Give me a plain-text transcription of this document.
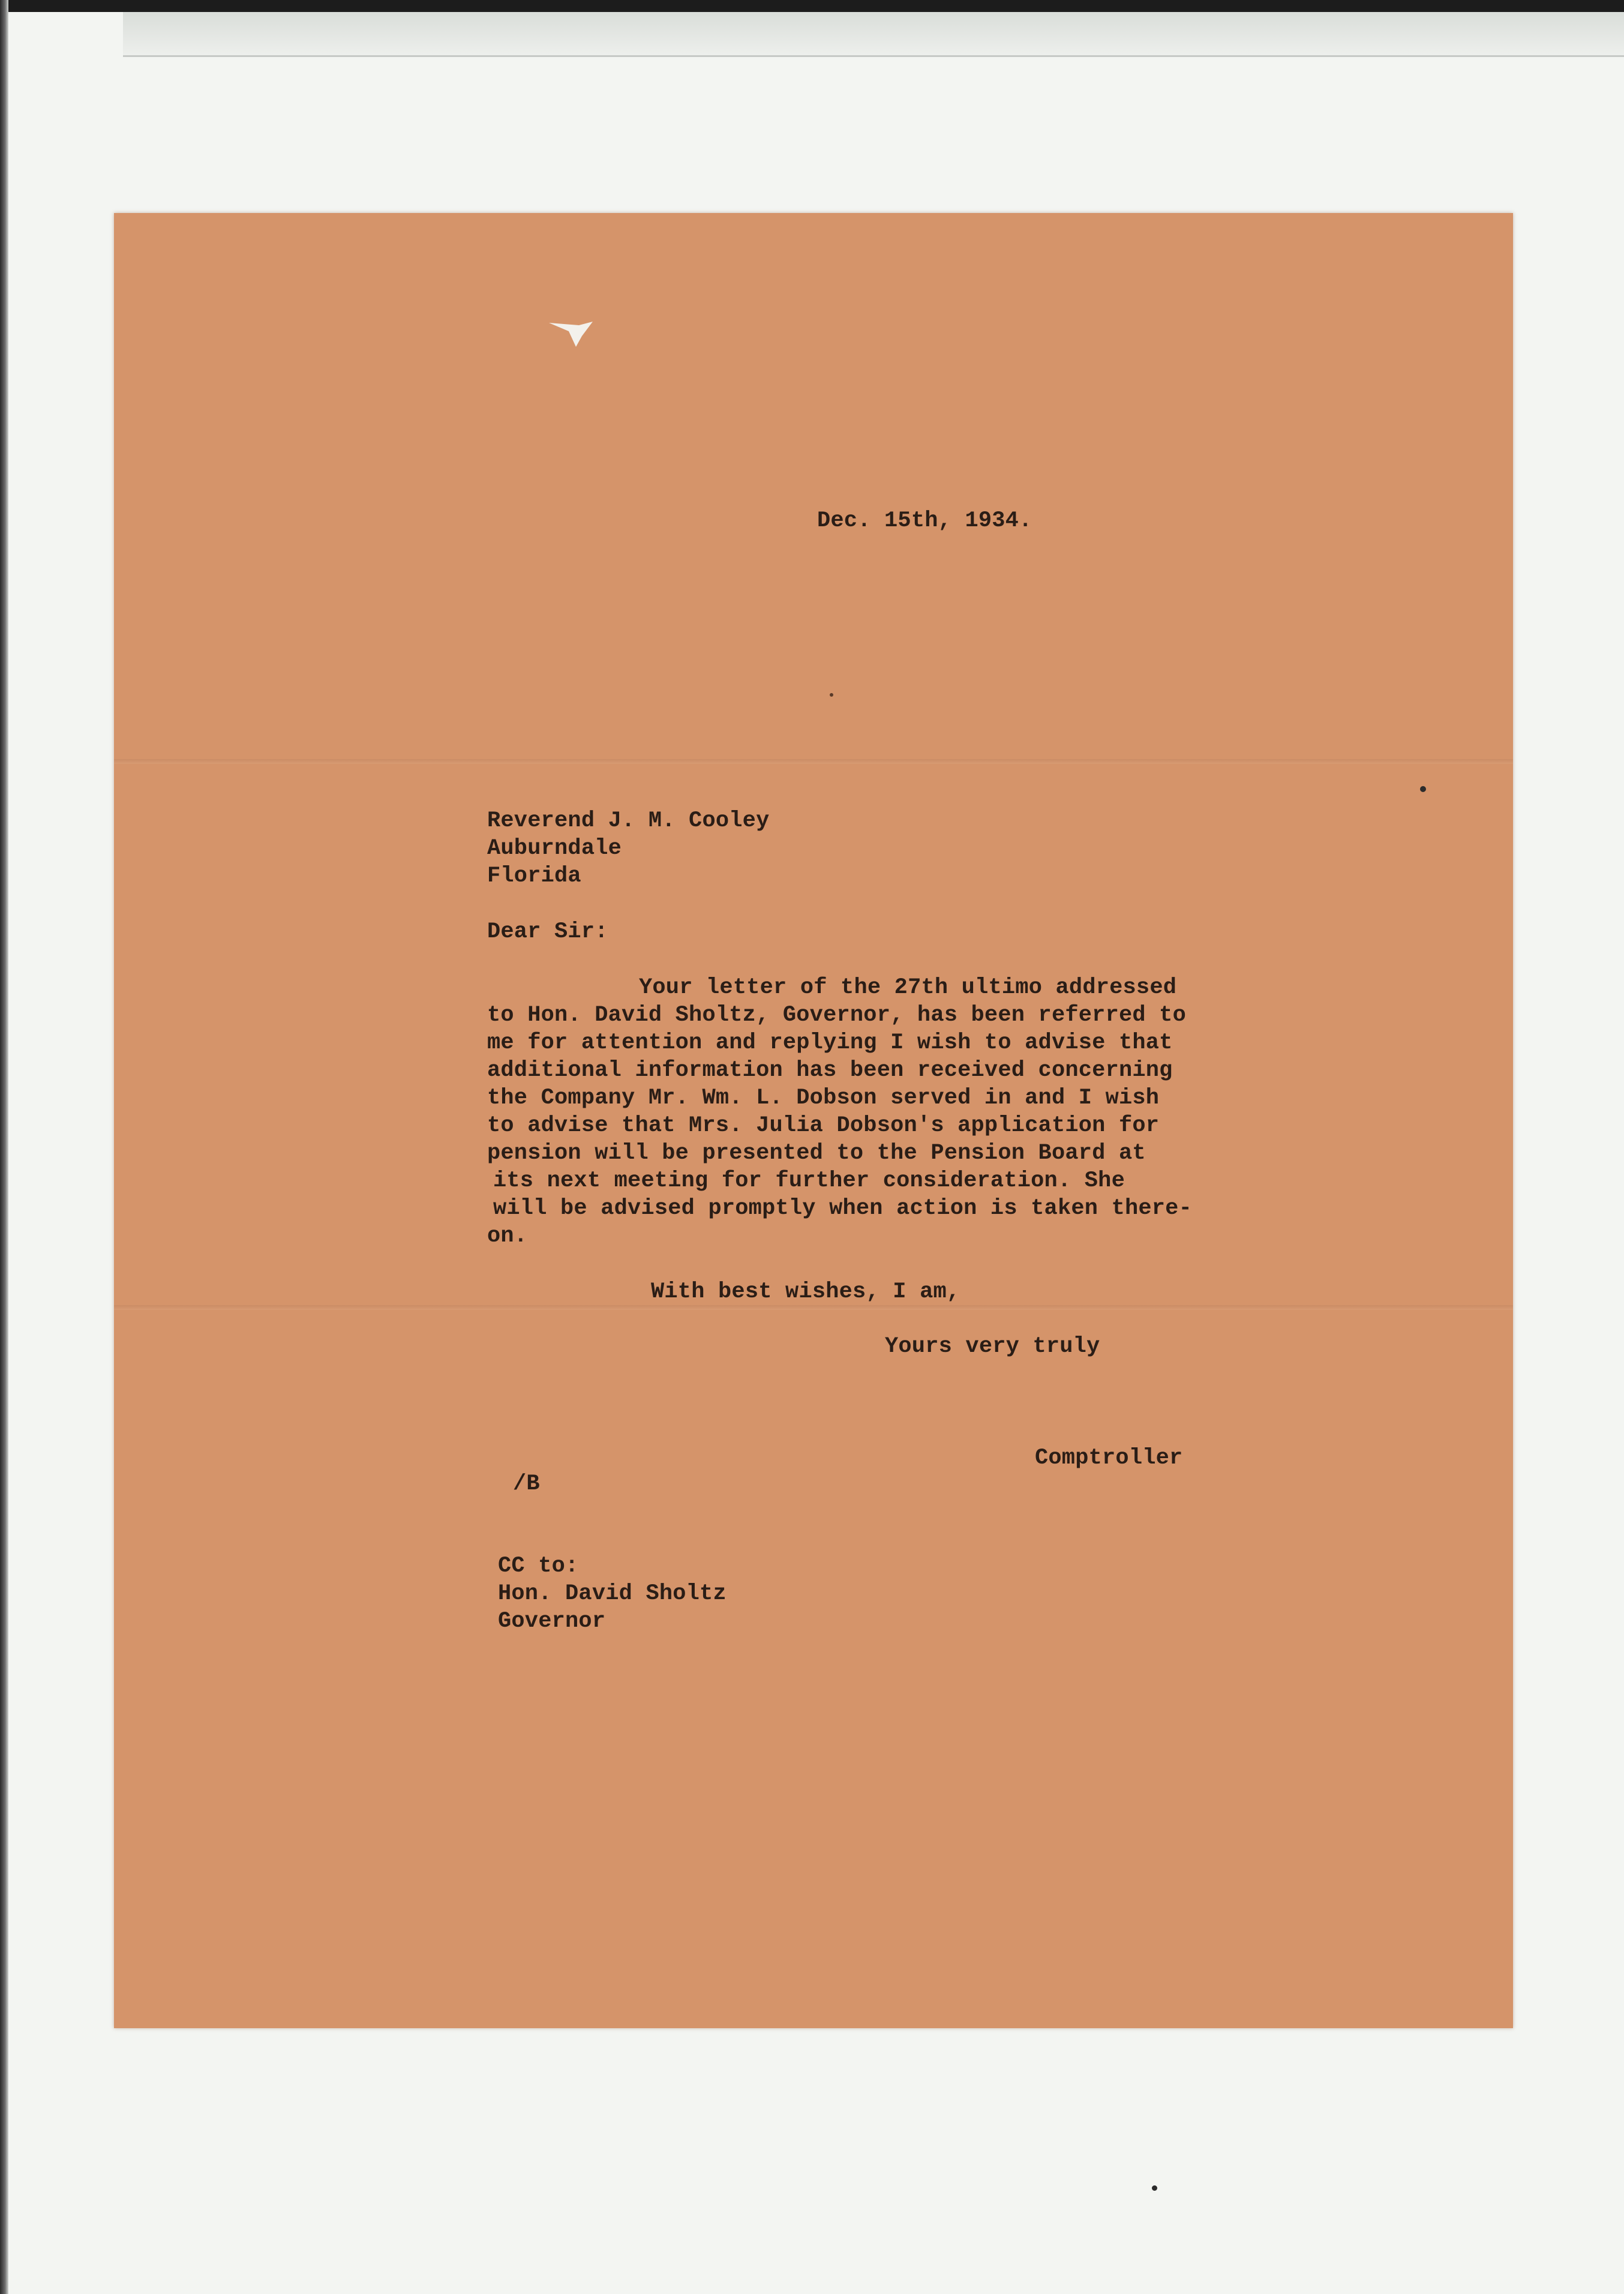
Dec. 15th, 1934.
Reverend J. M. Cooley
Auburndale
Florida
Dear Sir:
Your letter of the 27th ultimo addressed
to Hon. David Sholtz, Governor, has been referred to
me for attention and replying I wish to advise that
additional information has been received concerning
the Company Mr. Wm. L. Dobson served in and I wish
to advise that Mrs. Julia Dobson's application for
pension will be presented to the Pension Board at
its next meeting for further consideration. She
will be advised promptly when action is taken there-
on.
With best wishes, I am,
Yours very truly
Comptroller
/B
CC to:
Hon. David Sholtz
Governor
